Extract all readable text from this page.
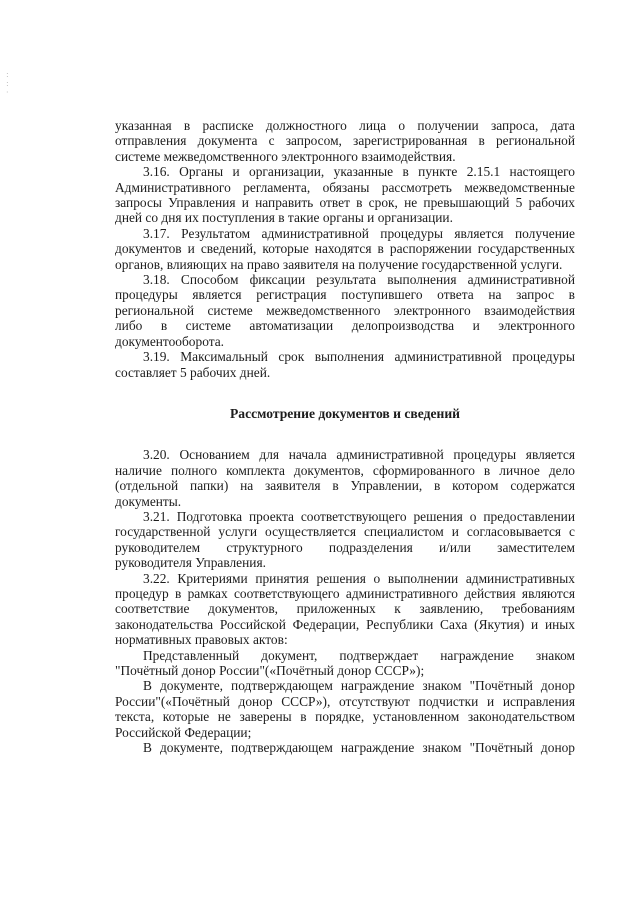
:
:
·
указанная в расписке должностного лица о получении запроса, дата
отправления документа с запросом, зарегистрированная в региональной
системе межведомственного электронного взаимодействия.
3.16. Органы и организации, указанные в пункте 2.15.1 настоящего
Административного регламента, обязаны рассмотреть межведомственные
запросы Управления и направить ответ в срок, не превышающий 5 рабочих
дней со дня их поступления в такие органы и организации.
3.17. Результатом административной процедуры является получение
документов и сведений, которые находятся в распоряжении государственных
органов, влияющих на право заявителя на получение государственной услуги.
3.18. Способом фиксации результата выполнения административной
процедуры является регистрация поступившего ответа на запрос в
региональной системе межведомственного электронного взаимодействия
либо в системе автоматизации делопроизводства и электронного
документооборота.
3.19. Максимальный срок выполнения административной процедуры
составляет 5 рабочих дней.
Рассмотрение документов и сведений
3.20. Основанием для начала административной процедуры является
наличие полного комплекта документов, сформированного в личное дело
(отдельной папки) на заявителя в Управлении, в котором содержатся
документы.
3.21. Подготовка проекта соответствующего решения о предоставлении
государственной услуги осуществляется специалистом и согласовывается с
руководителем структурного подразделения и/или заместителем
руководителя Управления.
3.22. Критериями принятия решения о выполнении административных
процедур в рамках соответствующего административного действия являются
соответствие документов, приложенных к заявлению, требованиям
законодательства Российской Федерации, Республики Саха (Якутия) и иных
нормативных правовых актов:
Представленный документ, подтверждает награждение знаком
"Почётный донор России"(«Почётный донор СССР»);
В документе, подтверждающем награждение знаком "Почётный донор
России"(«Почётный донор СССР»), отсутствуют подчистки и исправления
текста, которые не заверены в порядке, установленном законодательством
Российской Федерации;
В документе, подтверждающем награждение знаком "Почётный донор
